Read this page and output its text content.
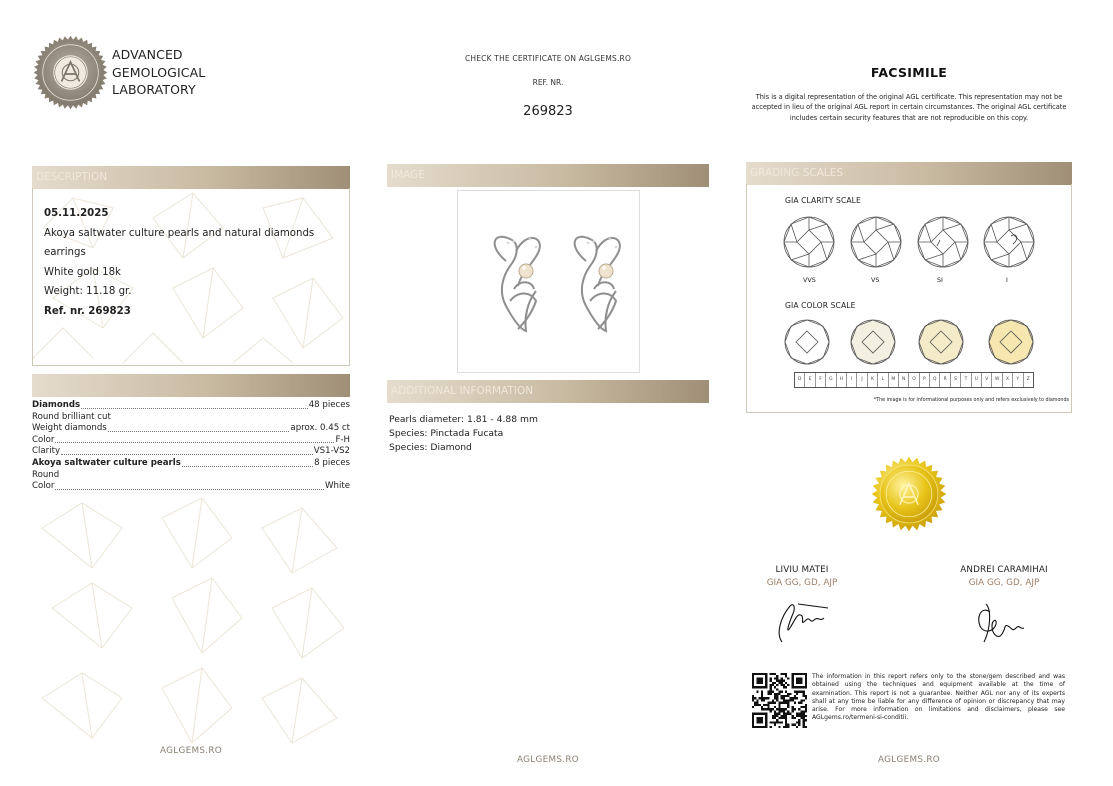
ADVANCED
GEMOLOGICAL
LABORATORY
CHECK THE CERTIFICATE ON AGLGEMS.RO
REF. NR.
269823
FACSIMILE
This is a digital representation of the original AGL certificate. This representation may not be accepted in lieu of the original AGL report in certain circumstances. The original AGL certificate includes certain security features that are not reproducible on this copy.
DESCRIPTION
05.11.2025
Akoya saltwater culture pearls and natural diamonds
earrings
White gold 18k
Weight: 11.18 gr.
Ref. nr. 269823
Diamonds	48 pieces
Round brilliant cut
Weight diamonds	aprox. 0.45 ct
Color	F-H
Clarity	VS1-VS2
Akoya saltwater culture pearls	8 pieces
Round
Color	White
AGLGEMS.RO
IMAGE
ADDITIONAL INFORMATION
Pearls diameter: 1.81 - 4.88 mm
Species: Pinctada Fucata
Species: Diamond
AGLGEMS.RO
GRADING SCALES
GIA CLARITY SCALE
VVS	VS	SI	I
GIA COLOR SCALE
D	E	F	G	H	I	J	K	L	M	N	O	P	Q	R	S	T	U	V	W	X	Y	Z
*The image is for informational purposes only and refers exclusively to diamonds
LIVIU MATEI
GIA GG, GD, AJP
ANDREI CARAMIHAI
GIA GG, GD, AJP
The information in this report refers only to the stone/gem described and was obtained using the techniques and equipment available at the time of examination. This report is not a guarantee. Neither AGL nor any of its experts shall at any time be liable for any difference of opinion or discrepancy that may arise. For more information on limitations and disclaimers, please see AGLgems.ro/termeni-si-conditii.
AGLGEMS.RO
